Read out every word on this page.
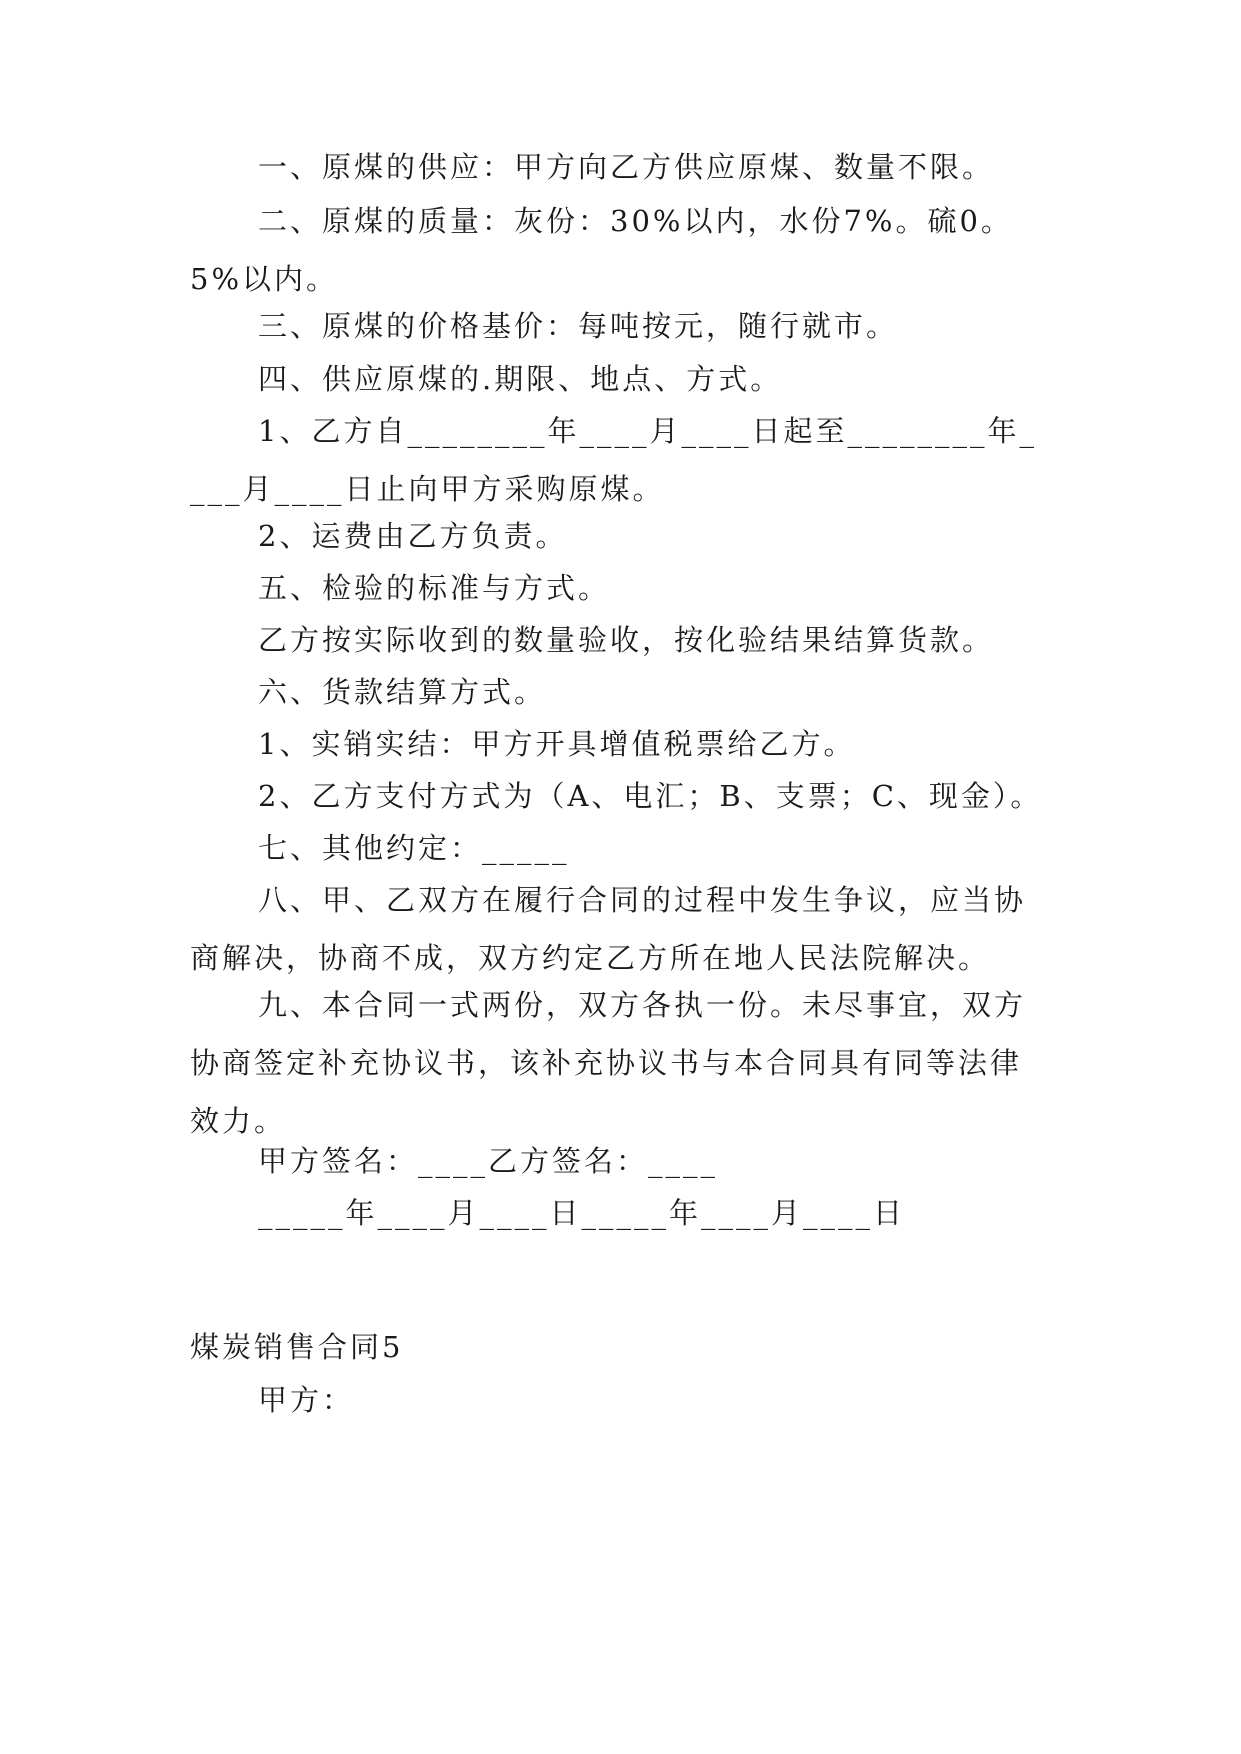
一、原煤的供应：甲方向乙方供应原煤、数量不限。
二、原煤的质量：灰份：30%以内，水份7%。硫0。5%以内。
三、原煤的价格基价：每吨按元，随行就市。
四、供应原煤的.期限、地点、方式。
1、乙方自________年____月____日起至________年____月____日止向甲方采购原煤。
2、运费由乙方负责。
五、检验的标准与方式。
乙方按实际收到的数量验收，按化验结果结算货款。
六、货款结算方式。
1、实销实结：甲方开具增值税票给乙方。
2、乙方支付方式为（A、电汇；B、支票；C、现金）。
七、其他约定：_____
八、甲、乙双方在履行合同的过程中发生争议，应当协商解决，协商不成，双方约定乙方所在地人民法院解决。
九、本合同一式两份，双方各执一份。未尽事宜，双方协商签定补充协议书，该补充协议书与本合同具有同等法律效力。
甲方签名：____乙方签名：____
_____年____月____日_____年____月____日
煤炭销售合同5
甲方：
